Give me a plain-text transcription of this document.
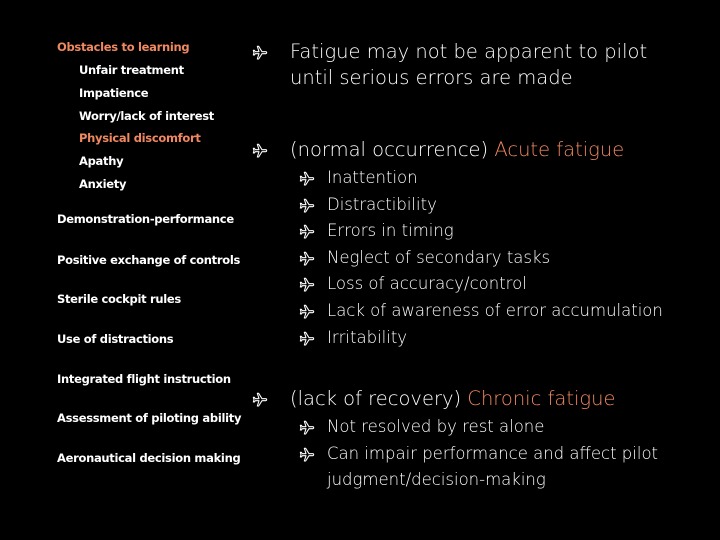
Obstacles to learning
Unfair treatment
Impatience
Worry/lack of interest
Physical discomfort
Apathy
Anxiety
Demonstration-performance
Positive exchange of controls
Sterile cockpit rules
Use of distractions
Integrated flight instruction
Assessment of piloting ability
Aeronautical decision making
Fatigue may not be apparent to pilot
until serious errors are made
(normal occurrence) Acute fatigue
Inattention
Distractibility
Errors in timing
Neglect of secondary tasks
Loss of accuracy/control
Lack of awareness of error accumulation
Irritability
(lack of recovery) Chronic fatigue
Not resolved by rest alone
Can impair performance and affect pilot
judgment/decision-making
